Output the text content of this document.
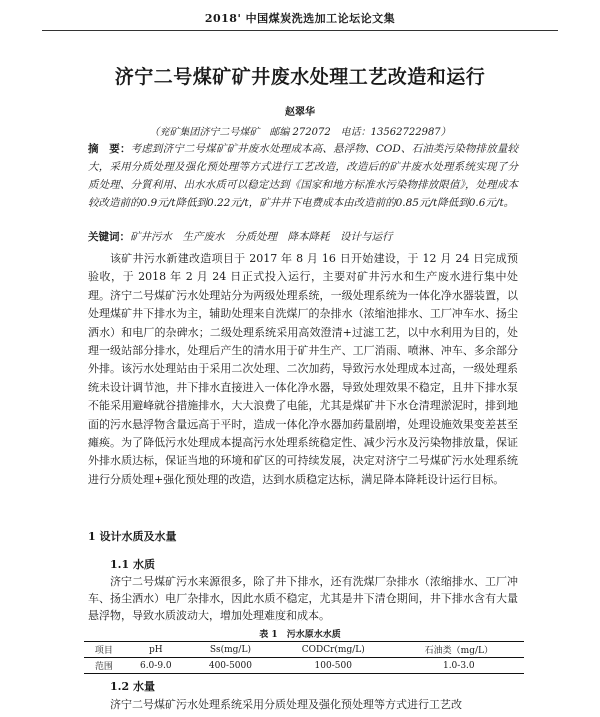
2018' 中国煤炭洗选加工论坛论文集
济宁二号煤矿矿井废水处理工艺改造和运行
赵翠华
（兖矿集团济宁二号煤矿　邮编 272072　电话：13562722987）
摘　要：考虑到济宁二号煤矿矿井废水处理成本高、悬浮物、COD、石油类污染物排放量较大，采用分质处理及强化预处理等方式进行工艺改造，改造后的矿井废水处理系统实现了分质处理、分質利用、出水水质可以稳定达到《国家和地方标准水污染物排放限值》，处理成本较改造前的0.9元/t降低到0.22元/t，矿井井下电费成本由改造前的0.85元/t降低到0.6元/t。
关键词：矿井污水　生产废水　分质处理　降本降耗　设计与运行
该矿井污水新建改造项目于 2017 年 8 月 16 日开始建设，于 12 月 24 日完成预验收，于 2018 年 2 月 24 日正式投入运行，主要对矿井污水和生产废水进行集中处理。济宁二号煤矿污水处理站分为两级处理系统，一级处理系统为一体化净水器装置，以处理煤矿井下排水为主，辅助处理来自洗煤厂的杂排水（浓缩池排水、工厂冲车水、扬尘洒水）和电厂的杂碑水；二级处理系统采用高效澄清+过滤工艺，以中水利用为目的，处理一级站部分排水，处理后产生的清水用于矿井生产、工厂消雨、喷淋、冲车、多余部分外排。该污水处理站由于采用二次处理、二次加药，导致污水处理成本过高，一级处理系统未设计调节池，井下排水直接进入一体化净水器，导致处理效果不稳定，且井下排水泵不能采用避峰就谷措施排水，大大浪费了电能，尤其是煤矿井下水仓清理淤泥时，排到地面的污水悬浮物含量远高于平时，造成一体化净水器加药量剧增，处理设施效果变差甚至瘫痪。为了降低污水处理成本提高污水处理系统稳定性、减少污水及污染物排放量，保证外排水质达标，保证当地的环境和矿区的可持续发展，决定对济宁二号煤矿污水处理系统进行分质处理+强化预处理的改造，达到水质稳定达标，满足降本降耗设计运行目标。
1 设计水质及水量
1.1 水质
济宁二号煤矿污水来源很多，除了井下排水，还有洗煤厂杂排水（浓缩排水、工厂冲车、扬尘洒水）电厂杂排水，因此水质不稳定，尤其是井下清仓期间，井下排水含有大量悬浮物，导致水质波动大，增加处理难度和成本。
表 1　污水原水水质
项目	pH	Ss(mg/L)	CODCr(mg/L)	石油类（mg/L）
范围	6.0-9.0	400-5000	100-500	1.0-3.0
1.2 水量
济宁二号煤矿污水处理系统采用分质处理及强化预处理等方式进行工艺改
